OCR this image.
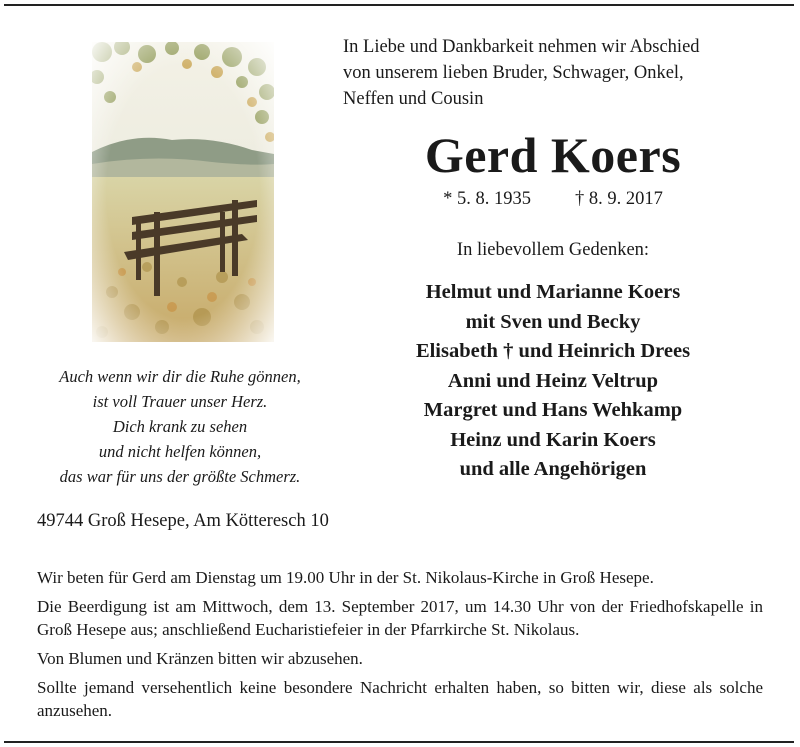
Auch wenn wir dir die Ruhe gönnen,
ist voll Trauer unser Herz.
Dich krank zu sehen
und nicht helfen können,
das war für uns der größte Schmerz.
In Liebe und Dankbarkeit nehmen wir Abschied
von unserem lieben Bruder, Schwager, Onkel,
Neffen und Cousin
Gerd Koers
* 5. 8. 1935 † 8. 9. 2017
In liebevollem Gedenken:
Helmut und Marianne Koers
mit Sven und Becky
Elisabeth † und Heinrich Drees
Anni und Heinz Veltrup
Margret und Hans Wehkamp
Heinz und Karin Koers
und alle Angehörigen
49744 Groß Hesepe, Am Kötteresch 10

Wir beten für Gerd am Dienstag um 19.00 Uhr in der St. Nikolaus-Kirche in Groß Hesepe.

Die Beerdigung ist am Mittwoch, dem 13. September 2017, um 14.30 Uhr von der Friedhofskapelle in Groß Hesepe aus; anschließend Eucharistiefeier in der Pfarrkirche St. Nikolaus.

Von Blumen und Kränzen bitten wir abzusehen.

Sollte jemand versehentlich keine besondere Nachricht erhalten haben, so bitten wir, diese als solche anzusehen.
